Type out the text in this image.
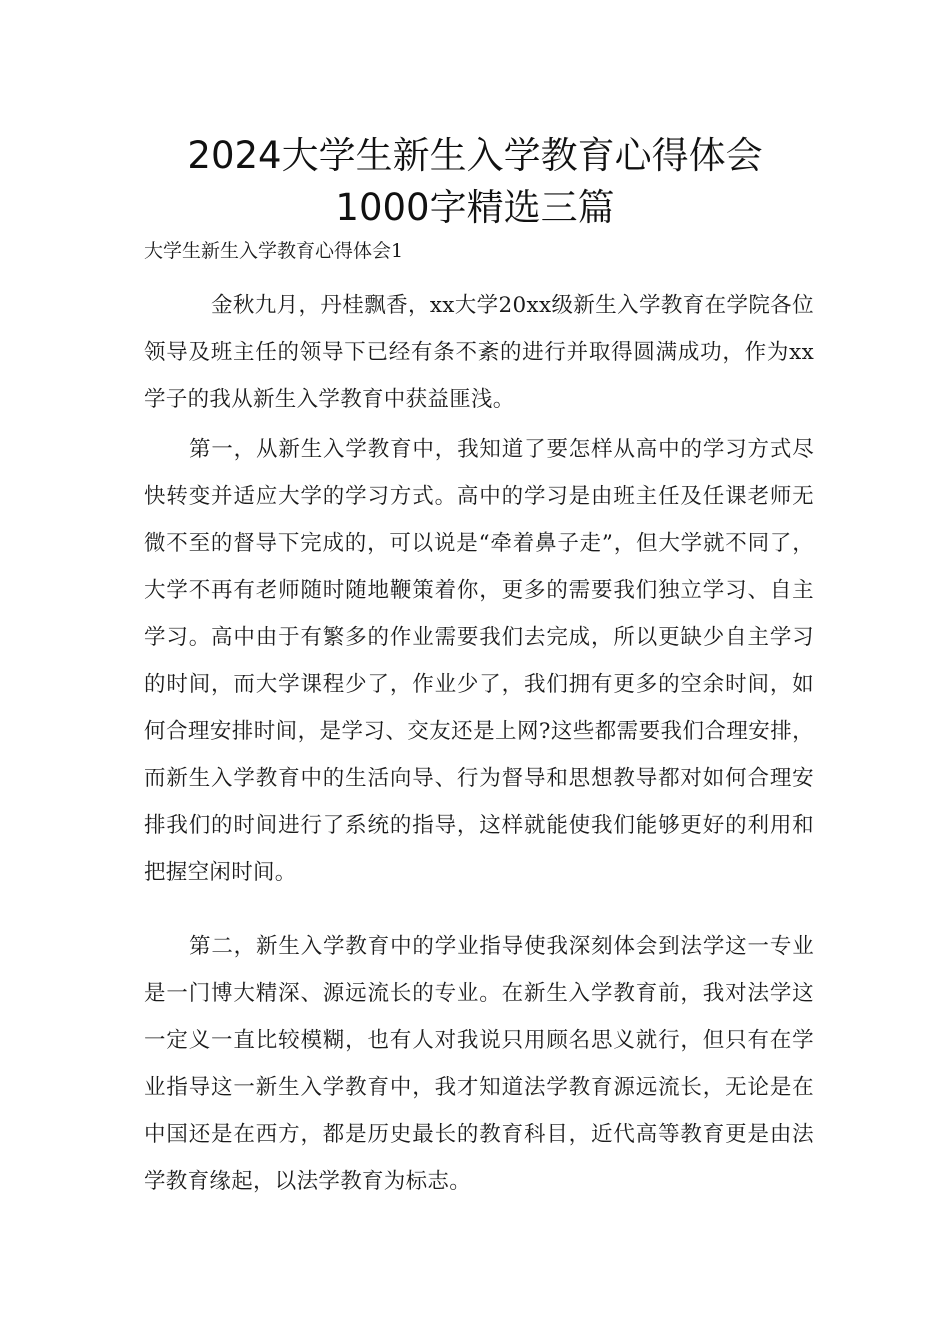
2024大学生新生入学教育心得体会
1000字精选三篇

大学生新生入学教育心得体会1

金秋九月，丹桂飘香，xx大学20xx级新生入学教育在学院各位领导及班主任的领导下已经有条不紊的进行并取得圆满成功，作为xx学子的我从新生入学教育中获益匪浅。

第一，从新生入学教育中，我知道了要怎样从高中的学习方式尽快转变并适应大学的学习方式。高中的学习是由班主任及任课老师无微不至的督导下完成的，可以说是“牵着鼻子走”，但大学就不同了，大学不再有老师随时随地鞭策着你，更多的需要我们独立学习、自主学习。高中由于有繁多的作业需要我们去完成，所以更缺少自主学习的时间，而大学课程少了，作业少了，我们拥有更多的空余时间，如何合理安排时间，是学习、交友还是上网?这些都需要我们合理安排，而新生入学教育中的生活向导、行为督导和思想教导都对如何合理安排我们的时间进行了系统的指导，这样就能使我们能够更好的利用和把握空闲时间。

第二，新生入学教育中的学业指导使我深刻体会到法学这一专业是一门博大精深、源远流长的专业。在新生入学教育前，我对法学这一定义一直比较模糊，也有人对我说只用顾名思义就行，但只有在学业指导这一新生入学教育中，我才知道法学教育源远流长，无论是在中国还是在西方，都是历史最长的教育科目，近代高等教育更是由法学教育缘起，以法学教育为标志。
